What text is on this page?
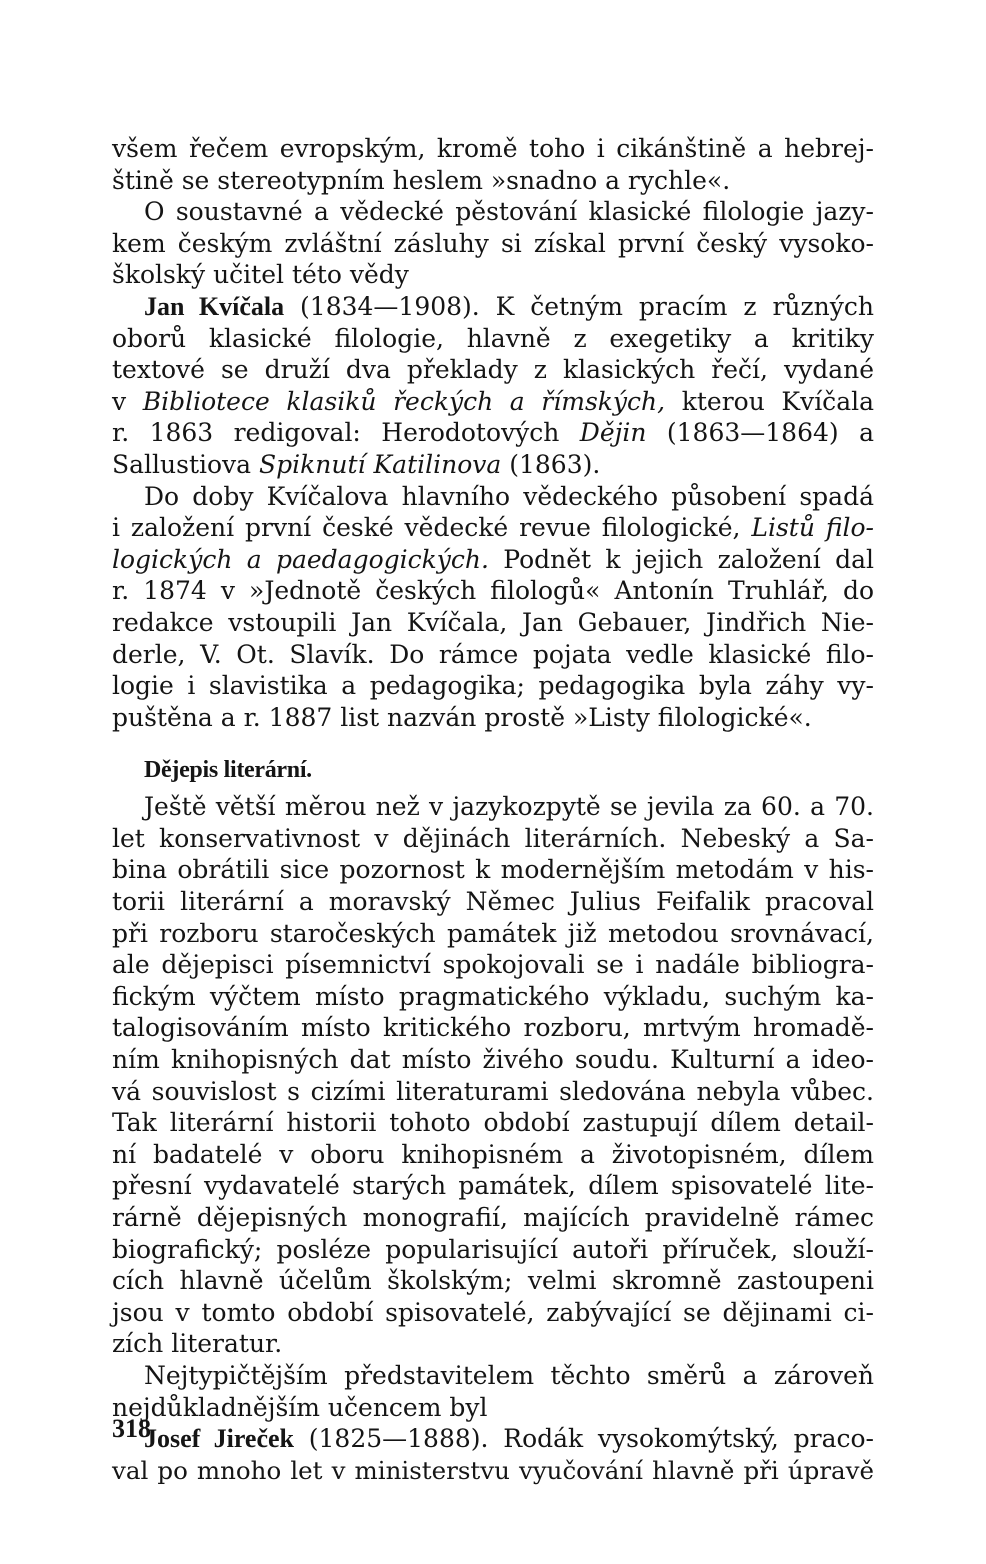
všem řečem evropským, kromě toho i cikánštině a hebrej-
štině se stereotypním heslem »snadno a rychle«.
O soustavné a vědecké pěstování klasické filologie jazy-
kem českým zvláštní zásluhy si získal první český vysoko-
školský učitel této vědy
Jan Kvíčala (1834—1908). K četným pracím z různých
oborů klasické filologie, hlavně z exegetiky a kritiky
textové se druží dva překlady z klasických řečí, vydané
v Bibliotece klasiků řeckých a římských, kterou Kvíčala
r. 1863 redigoval: Herodotových Dějin (1863—1864) a
Sallustiova Spiknutí Katilinova (1863).
Do doby Kvíčalova hlavního vědeckého působení spadá
i založení první české vědecké revue filologické, Listů filo-
logických a paedagogických. Podnět k jejich založení dal
r. 1874 v »Jednotě českých filologů« Antonín Truhlář, do
redakce vstoupili Jan Kvíčala, Jan Gebauer, Jindřich Nie-
derle, V. Ot. Slavík. Do rámce pojata vedle klasické filo-
logie i slavistika a pedagogika; pedagogika byla záhy vy-
puštěna a r. 1887 list nazván prostě »Listy filologické«.
Dějepis literární.
Ještě větší měrou než v jazykozpytě se jevila za 60. a 70.
let konservativnost v dějinách literárních. Nebeský a Sa-
bina obrátili sice pozornost k modernějším metodám v his-
torii literární a moravský Němec Julius Feifalik pracoval
při rozboru staročeských památek již metodou srovnávací,
ale dějepisci písemnictví spokojovali se i nadále bibliogra-
fickým výčtem místo pragmatického výkladu, suchým ka-
talogisováním místo kritického rozboru, mrtvým hromadě-
ním knihopisných dat místo živého soudu. Kulturní a ideo-
vá souvislost s cizími literaturami sledována nebyla vůbec.
Tak literární historii tohoto období zastupují dílem detail-
ní badatelé v oboru knihopisném a životopisném, dílem
přesní vydavatelé starých památek, dílem spisovatelé lite-
rárně dějepisných monografií, majících pravidelně rámec
biografický; posléze popularisující autoři příruček, slouží-
cích hlavně účelům školským; velmi skromně zastoupeni
jsou v tomto období spisovatelé, zabývající se dějinami ci-
zích literatur.
Nejtypičtějším představitelem těchto směrů a zároveň
nejdůkladnějším učencem byl
Josef Jireček (1825—1888). Rodák vysokomýtský, praco-
val po mnoho let v ministerstvu vyučování hlavně při úpravě
318
